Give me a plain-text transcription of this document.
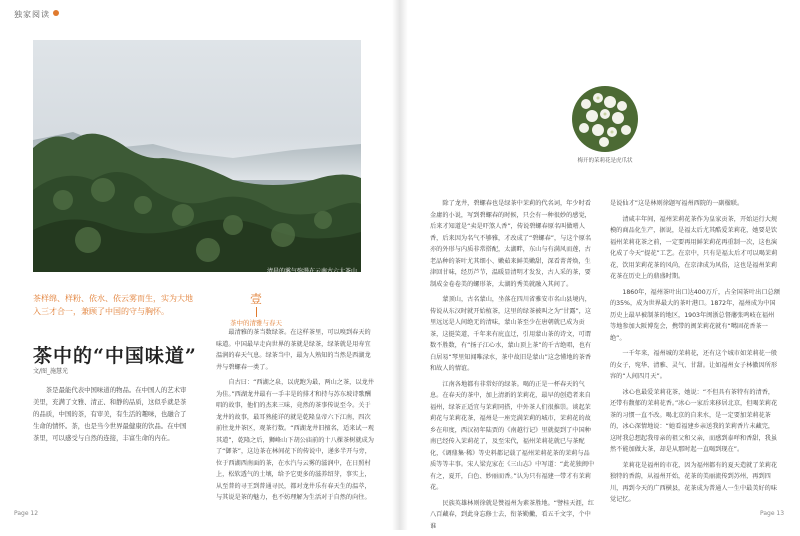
独家阅读
清晨的雾气弥漫在云南古六大茶山
茶样绵、样粉、依水、依云雾而生，实为大地入三才合一，兼顾了中国的守与胸怀。
茶中的“中国味道”
文/图_施慧光

茶是最能代表中国味道的物品。在中国人的艺术审美里，充满了文雅、清正、和静的品质，这似乎就是茶的品质，中国的茶，有审美，有生活的趣味，也融合了生命的情怀。茶，也是当今世界最健康的饮品。在中国茶里，可以感受与自然的连接，丰富生命的内在。

壹
茶中的清雅与春天

最清雅的茶当数绿茶。在这样茶里，可以嗅到春天的味道。中国最早走向世界的茶就是绿茶，绿茶就是用寿宜温润的春天气息。绿茶当中，最为人熟知的当然是西湖龙井与碧螺春一类了。

自古曰：“西湖之泉，以虎跑为最，两山之茶，以龙井为佳。”西湖龙井最有一手丰是的排才和持与苏东坡诗歌酬唱的故事，他们的杰来三味，竟然的茶事传说至今。关于龙井的故事，最耳熟能详的就是乾隆皇帝六下江南，四次前往龙井茶区，观茶行数。“西湖龙井旧擅名，适来试一观其道”，乾隆之后，狮峰山下胡公庙前的十八棵茶树就成为了“御茶”，这边茶在林间花下的传说中，递多半开与旁，位于西湖西南面的茶，在水汽与云雾的滋润中，在日照村上，松软透气的土壤，给予它更多的滋养绍芽，事实上，从至普的寻王到普通寻民，都对龙井乐有春天生的温萃，与其说是茶的魅力，也不妨理解为生活对于自然的向往。

梅开的茉莉花是虎爪状

除了龙井，碧螺春也是绿茶中茉莉的代名词，年少时看金庸的小说，写到碧螺春的时候，只会有一种很妙的感觉，后来才知道是“卖是吓煞人香”，传说碧螺春原名叫做嗜人香，后来因为名气不够雅，才改成了“碧螺春”，与这个原名亦的外形与内质非常搭配，太湖畔，东山与有满风而莲，古老品种的茶叶尤其细小、嫩茹来鲜美嫩甜，深看菁菁焕，生津回甘味，经历芦节，温暖显清明才发发，古人采的茶，要制成金卷卷美的螺形茶，太湖的秀美就融入其间了。

蒙顶山，古名蒙山，坐落在四川省雅安市名山县境内，传说从东汉时就开始植茶，这里的绿茶被叫之为“甘露”，这里远远是人间绝无的清味，蒙山茶至少在唐朝就已成为贡茶，这挺笑道，千年来有庇直迂，引用蒙山茶的诗文，可谓数不胜数，有“扬子江心水，蒙山顶上茶”的千古绝唱，也有白居易“琴里知闻唯渌水，茶中故旧是蒙山”这念懂地的茶香和故人的情谊。

江南各地都有非常好的绿茶。喝的正是一杯春天的气息。在春天的茶中，加上清新的茉莉花，最早的创造者来自福州，绿茶正适宜与茉莉同搭，中外茶人们很推崇。谈起茉莉花与茉莉花茶，福州是一座完满茉莉的城市，茉莉花的故乡在印度，西汉初年陆贾的《南越行记》里就提到了中国种南已经传入茉莉花了，及至宋代，福州茉莉花就已与茶配化，《调鼎集·稀》等史料都记载了福州茉莉花茶的茉莉与品质等等丰事。宋人梁克家在《三山志》中写道：“此花独闽中有之，夏开，白色、妙丽而香。”认为只有福建一带才有茉莉花。

民族英雄林则徐就是赞福州为素茶胜地。“譬桂天涯，红八百藏春，到此身忘修士去，衔茶勤撇，看五千文字，个中谁

是说仙才”这是林则徐题写福州西院的一副楹联。

清咸丰年间，福州茉莉花茶作为皇家贡茶，开始运行大规模的商品化生产，据说，是福太后尤其酷爱茉莉花，她要是饮福州茉莉花茶之前，一定要再用鲜茉莉花再重制一次，这也演化成了今天“提花”工艺。在京中，只有是福太后才可以喝茉莉花，饮用茉莉花茶的风尚，在京津成为风俗，这也是福州茉莉花茶在历史上的鼎盛时期。

1860年，福州茶叶出口达400万斤，占全国茶叶出口总额的35%，成为世界最大的茶叶港口。1872年，福州成为中国历史上最早被制茶的地区，1903年闽浙总督藩张鸣岐在福州等地参加大阪博览会，携带的闽茉莉花就有“噶固花香茶一绝”。

一千年来，福州城的茉莉花，还有这个城市如茉莉花一般的女子，宛华、清雅、灵气、甘甜。让如福州女子林徽因所形容的“人间四月天”。

冰心也最爱茉莉花茶，她说：“不但具有茶特有的清香，还带有馥郁的茉莉花香。”冰心一家后来移居北京，但喝茉莉花茶的习惯一直不改。喝北京的自来水，是一定要加茉莉花茶的，冰心深情地说：“她看福建乡亲送我的茉莉香片未藏完，这时我总想起我母亲的祖父和父亲，而感到泰咩和香甜，我虽然不能加做大茶，却是从那时起一直喝到现在”。

茉莉花是福州的市花，因为福州都有的夏天造就了茉莉花独特的香韵，从福州开始，花茶的美丽流传到苏州，再到四川，再到今天的广西横县，花茶成为普通人一生中最美好的味觉记忆。

Page 12	Page 13
